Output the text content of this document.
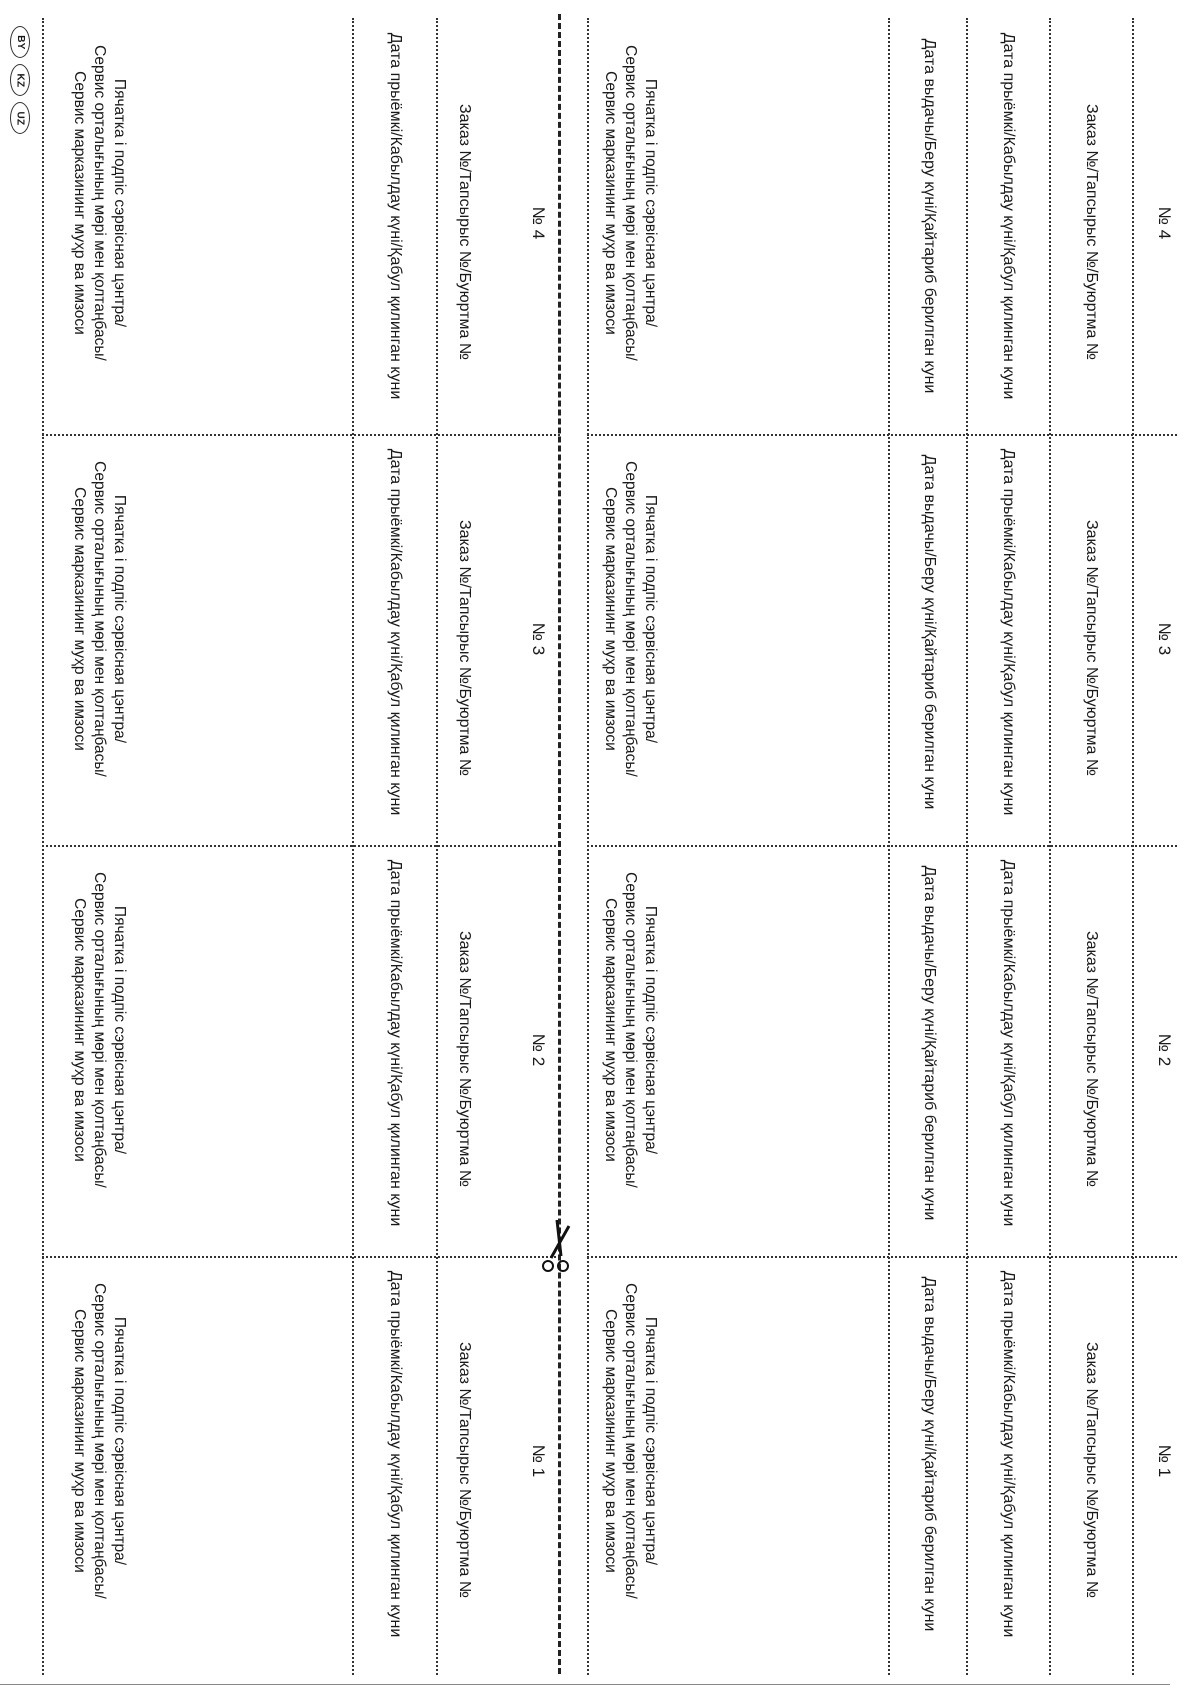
Пячатка і подпіс сэрвісная цэнтра/
Сервис орталығының мөрі мен қолтаңбасы/
Сервис марказининг муҳр ва имзоси	Дата прыёмкі/Кабылдау күні/Қабул қилинган куни	Заказ №/Тапсырыс №/Буюртма №	№ 4	Пячатка і подпіс сэрвісная цэнтра/
Сервис орталығының мөрі мен қолтаңбасы/
Сервис марказининг муҳр ва имзоси	Дата выдачы/Беру күні/Қайтариб берилган куни	Дата прыёмкі/Кабылдау күні/Қабул қилинган куни	Заказ №/Тапсырыс №/Буюртма №	№ 4
Пячатка і подпіс сэрвісная цэнтра/
Сервис орталығының мөрі мен қолтаңбасы/
Сервис марказининг муҳр ва имзоси	Дата прыёмкі/Кабылдау күні/Қабул қилинган куни	Заказ №/Тапсырыс №/Буюртма №	№ 3	Пячатка і подпіс сэрвісная цэнтра/
Сервис орталығының мөрі мен қолтаңбасы/
Сервис марказининг муҳр ва имзоси	Дата выдачы/Беру күні/Қайтариб берилган куни	Дата прыёмкі/Кабылдау күні/Қабул қилинган куни	Заказ №/Тапсырыс №/Буюртма №	№ 3
Пячатка і подпіс сэрвісная цэнтра/
Сервис орталығының мөрі мен қолтаңбасы/
Сервис марказининг муҳр ва имзоси	Дата прыёмкі/Кабылдау күні/Қабул қилинган куни	Заказ №/Тапсырыс №/Буюртма №	№ 2	Пячатка і подпіс сэрвісная цэнтра/
Сервис орталығының мөрі мен қолтаңбасы/
Сервис марказининг муҳр ва имзоси	Дата выдачы/Беру күні/Қайтариб берилган куни	Дата прыёмкі/Кабылдау күні/Қабул қилинган куни	Заказ №/Тапсырыс №/Буюртма №	№ 2
Пячатка і подпіс сэрвісная цэнтра/
Сервис орталығының мөрі мен қолтаңбасы/
Сервис марказининг муҳр ва имзоси	Дата прыёмкі/Кабылдау күні/Қабул қилинган куни	Заказ №/Тапсырыс №/Буюртма №	№ 1	Пячатка і подпіс сэрвісная цэнтра/
Сервис орталығының мөрі мен қолтаңбасы/
Сервис марказининг муҳр ва имзоси	Дата выдачы/Беру күні/Қайтариб берилган куни	Дата прыёмкі/Кабылдау күні/Қабул қилинган куни	Заказ №/Тапсырыс №/Буюртма №	№ 1
BY
KZ
UZ
